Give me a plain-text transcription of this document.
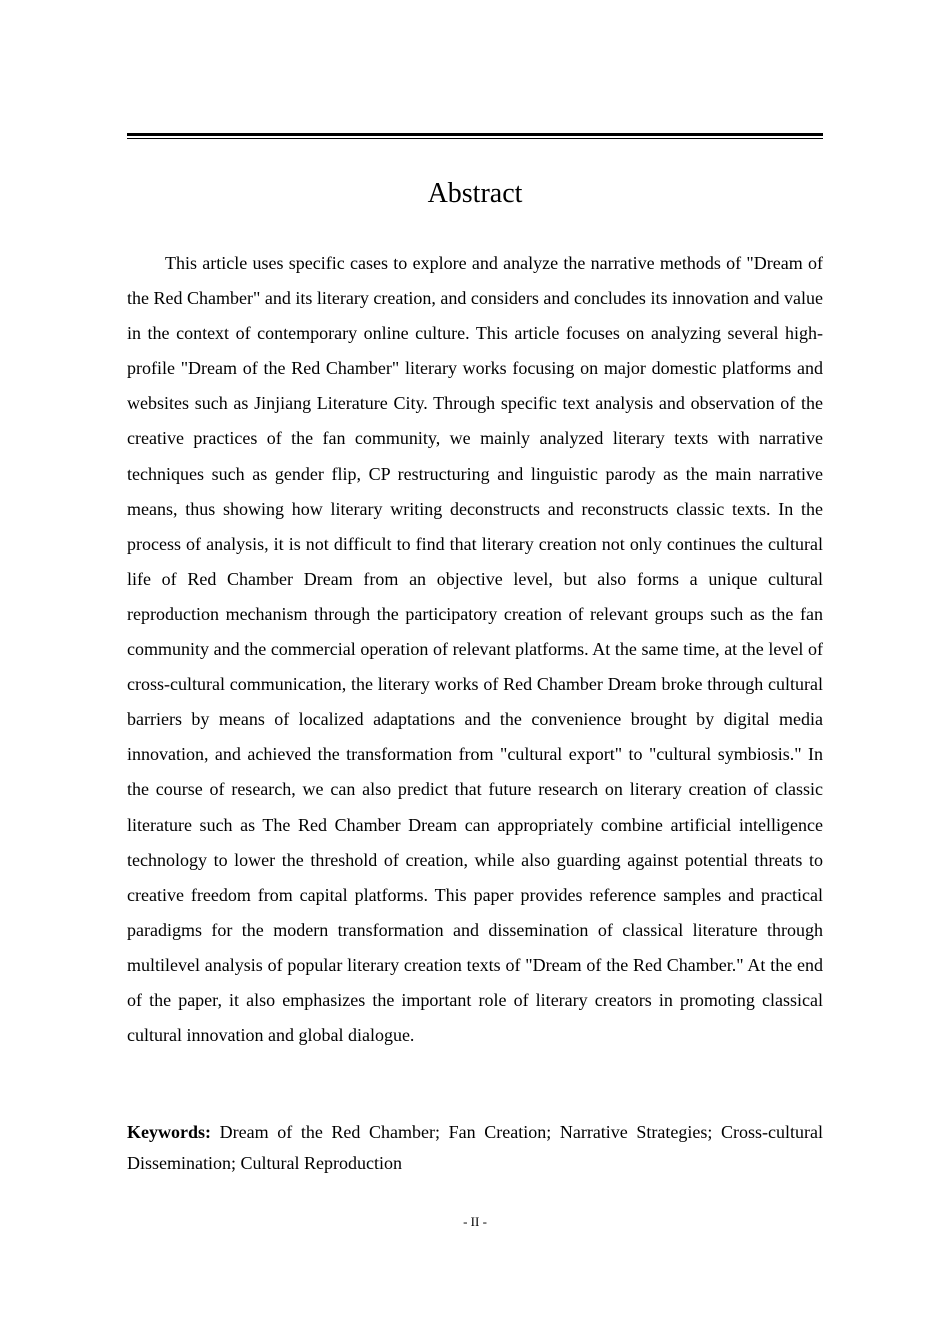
Abstract

This article uses specific cases to explore and analyze the narrative methods of "Dream of the Red Chamber" and its literary creation, and considers and concludes its innovation and value in the context of contemporary online culture. This article focuses on analyzing several high-profile "Dream of the Red Chamber" literary works focusing on major domestic platforms and websites such as Jinjiang Literature City. Through specific text analysis and observation of the creative practices of the fan community, we mainly analyzed literary texts with narrative techniques such as gender flip, CP restructuring and linguistic parody as the main narrative means, thus showing how literary writing deconstructs and reconstructs classic texts. In the process of analysis, it is not difficult to find that literary creation not only continues the cultural life of Red Chamber Dream from an objective level, but also forms a unique cultural reproduction mechanism through the participatory creation of relevant groups such as the fan community and the commercial operation of relevant platforms. At the same time, at the level of cross-cultural communication, the literary works of Red Chamber Dream broke through cultural barriers by means of localized adaptations and the convenience brought by digital media innovation, and achieved the transformation from "cultural export" to "cultural symbiosis." In the course of research, we can also predict that future research on literary creation of classic literature such as The Red Chamber Dream can appropriately combine artificial intelligence technology to lower the threshold of creation, while also guarding against potential threats to creative freedom from capital platforms. This paper provides reference samples and practical paradigms for the modern transformation and dissemination of classical literature through multilevel analysis of popular literary creation texts of "Dream of the Red Chamber." At the end of the paper, it also emphasizes the important role of literary creators in promoting classical cultural innovation and global dialogue.

Keywords: Dream of the Red Chamber; Fan Creation; Narrative Strategies; Cross-cultural Dissemination; Cultural Reproduction

- II -
